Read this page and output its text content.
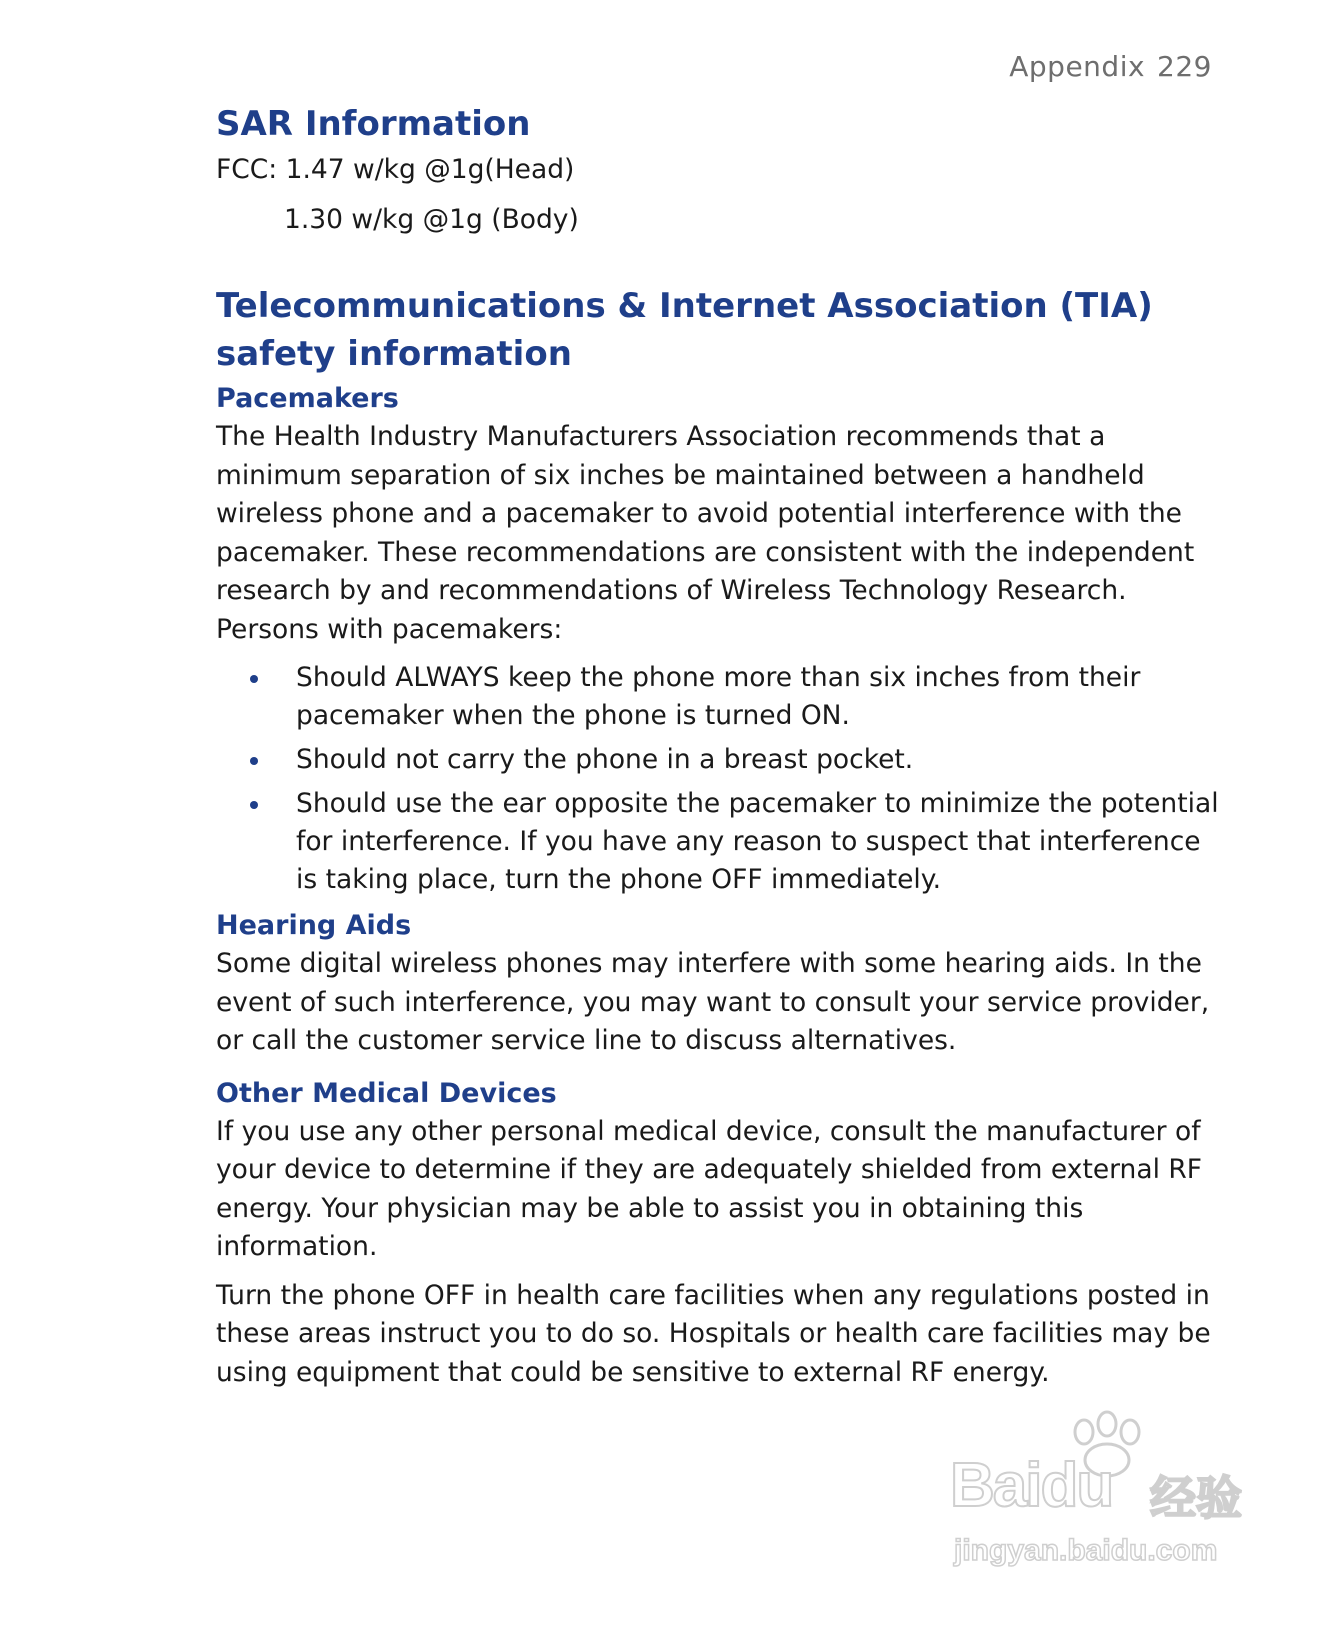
Appendix 229
SAR Information
FCC: 1.47 w/kg @1g(Head)
1.30 w/kg @1g (Body)
Telecommunications & Internet Association (TIA) safety information
Pacemakers

The Health Industry Manufacturers Association recommends that a minimum separation of six inches be maintained between a handheld wireless phone and a pacemaker to avoid potential interference with the pacemaker. These recommendations are consistent with the independent research by and recommendations of Wireless Technology Research. Persons with pacemakers:

Should ALWAYS keep the phone more than six inches from their pacemaker when the phone is turned ON.
Should not carry the phone in a breast pocket.
Should use the ear opposite the pacemaker to minimize the potential for interference. If you have any reason to suspect that interference is taking place, turn the phone OFF immediately.
Hearing Aids

Some digital wireless phones may interfere with some hearing aids. In the event of such interference, you may want to consult your service provider, or call the customer service line to discuss alternatives.

Other Medical Devices

If you use any other personal medical device, consult the manufacturer of your device to determine if they are adequately shielded from external RF energy. Your physician may be able to assist you in obtaining this information.

Turn the phone OFF in health care facilities when any regulations posted in these areas instruct you to do so. Hospitals or health care facilities may be using equipment that could be sensitive to external RF energy.

Baidu 经验
jingyan.baidu.com
